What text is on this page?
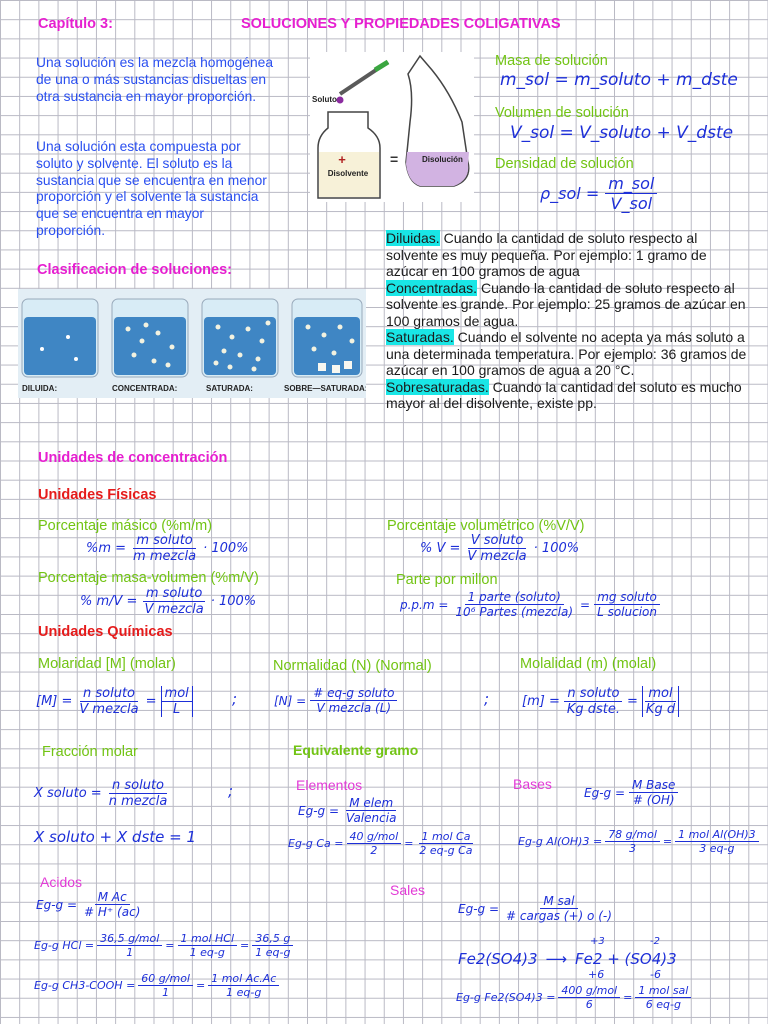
Capítulo 3:	SOLUCIONES Y PROPIEDADES COLIGATIVAS
Una solución es la mezcla homogénea de una o más sustancias disueltas en otra sustancia en mayor proporción.
Una solución esta compuesta por soluto y solvente. El soluto es la sustancia que se encuentra en menor proporción y el solvente la sustancia que se encuentra en mayor proporción.
Soluto
+
Disolvente
=	Disolución
Masa de solución
m_sol = m_soluto + m_dste
Volumen de solución
V_sol = V_soluto + V_dste
Densidad de solución
ρ_sol = $\frac{\text{m\_sol}}{\text{V\_sol}}$
Clasificacion de soluciones:
DILUIDA:	CONCENTRADA:	SATURADA:	SOBRE—SATURADA:
Diluidas. Cuando la cantidad de soluto respecto al solvente es muy pequeña. Por ejemplo: 1 gramo de azúcar en 100 gramos de agua
Concentradas. Cuando la cantidad de soluto respecto al solvente es grande. Por ejemplo: 25 gramos de azúcar en 100 gramos de agua.
Saturadas. Cuando el solvente no acepta ya más soluto a una determinada temperatura. Por ejemplo: 36 gramos de azúcar en 100 gramos de agua a 20 °C.
Sobresaturadas. Cuando la cantidad del soluto es mucho mayor al del disolvente, existe pp.
Unidades de concentración
Unidades Físicas
Porcentaje másico (%m/m)
$\%m = \frac{\text{m soluto}}{\text{m mezcla}} \cdot 100\%$
Porcentaje volumétrico (%V/V)
% $V = \frac{\text{V soluto}}{\text{V mezcla}} \cdot 100\%$
Porcentaje masa-volumen (%m/V)
% $m/V = \frac{\text{m soluto}}{\text{V mezcla}} \cdot 100\%$
Parte por millon
$p.p.m = \frac{\text{1 parte (soluto)}}{\text{10⁶ Partes (mezcla)}} = \frac{\text{mg soluto}}{\text{L solucion}}$
Unidades Químicas
Molaridad [M] (molar)
$[M] = \frac{\text{n soluto}}{\text{V mezcla}} = \frac{\text{mol}}{L}$	;
Normalidad (N) (Normal)
$[N] = \frac{\text{\# eq-g soluto}}{\text{V mezcla (L)}}$	;
Molalidad (m) (molal)
$[m] = \frac{\text{n soluto}}{\text{Kg dste.}} = \frac{\text{mol}}{\text{Kg d}}$
Fracción molar
X soluto = $\frac{\text{n soluto}}{\text{n mezcla}}$	;
X soluto + X dste = 1
Equivalente gramo
Elementos
$Eg-g = \frac{\text{M elem}}{\text{Valencia}}$
Eg-g $Ca = \frac{\text{40 g/mol}}{2} = \frac{\text{1 mol Ca}}{\text{2 eq-g Ca}}$
Bases
$Eg-g = \frac{\text{M Base}}{\# (OH)}$
Eg-g $Al(OH)3 = \frac{\text{78 g/mol}}{3} = \frac{\text{1 mol Al(OH)3}}{3 eq-g}$
Acidos
$Eg-g = \frac{\text{M Ac}}{\# H^+ (ac)}$
Eg-g HCl = $\frac{\text{36,5 g/mol}}{1} = \frac{\text{1 mol HCl}}{1 eq-g} = \frac{36,5 g}{1 eq-g}$
Eg-g CH3-COOH = $\frac{\text{60 g/mol}}{1} = \frac{\text{1 mol Ac.Ac}}{1 eq-g}$
Sales
$Eg-g = \frac{\text{M sal}}{\text{\# cargas (+) o (-)}}$
-2
+3
Fe2(SO4)3 ⟶ Fe2 + (SO4)3
+6	-6
Eg-g $Fe2(SO4)3 = \frac{\text{400 g/mol}}{6} = \frac{\text{1 mol sal}}{6 eq-g}$
